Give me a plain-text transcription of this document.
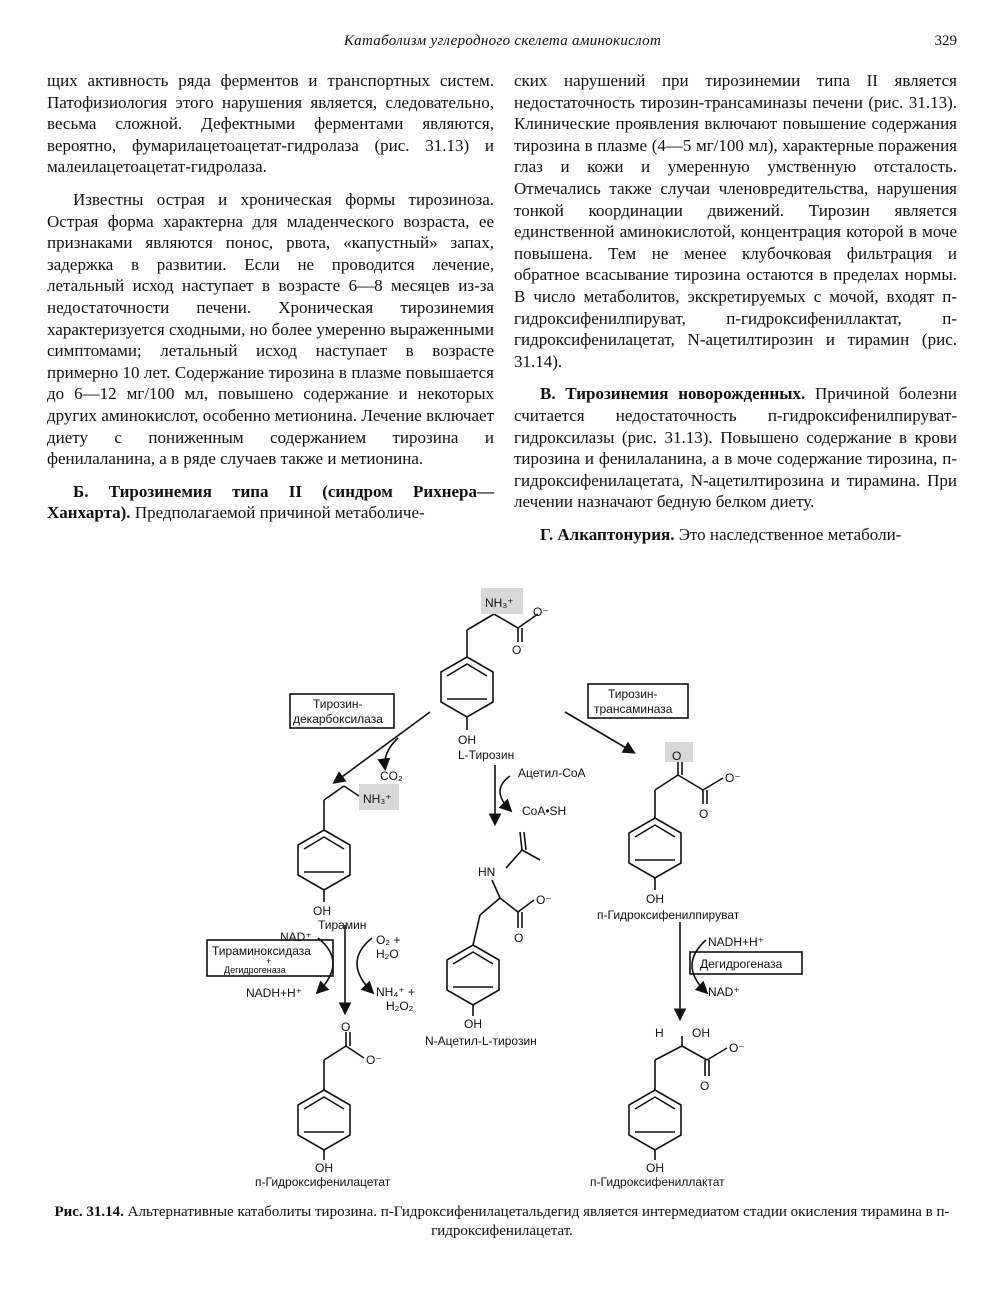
Катаболизм углеродного скелета аминокислот	329

щих активность ряда ферментов и транспортных систем. Патофизиология этого нарушения является, следовательно, весьма сложной. Дефектными ферментами являются, вероятно, фумарилацетоацетат-гидролаза (рис. 31.13) и малеилацетоацетат-гидролаза.

Известны острая и хроническая формы тирозиноза. Острая форма характерна для младенческого возраста, ее признаками являются понос, рвота, «капустный» запах, задержка в развитии. Если не проводится лечение, летальный исход наступает в возрасте 6—8 месяцев из-за недостаточности печени. Хроническая тирозинемия характеризуется сходными, но более умеренно выраженными симптомами; летальный исход наступает в возрасте примерно 10 лет. Содержание тирозина в плазме повышается до 6—12 мг/100 мл, повышено содержание и некоторых других аминокислот, особенно метионина. Лечение включает диету с пониженным содержанием тирозина и фенилаланина, а в ряде случаев также и метионина.

Б. Тирозинемия типа II (синдром Рихнера—Ханхарта). Предполагаемой причиной метаболиче-

ских нарушений при тирозинемии типа II является недостаточность тирозин-трансаминазы печени (рис. 31.13). Клинические проявления включают повышение содержания тирозина в плазме (4—5 мг/100 мл), характерные поражения глаз и кожи и умеренную умственную отсталость. Отмечались также случаи членовредительства, нарушения тонкой координации движений. Тирозин является единственной аминокислотой, концентрация которой в моче повышена. Тем не менее клубочковая фильтрация и обратное всасывание тирозина остаются в пределах нормы. В число метаболитов, экскретируемых с мочой, входят п-гидроксифенилпируват, п-гидроксифениллактат, п-гидроксифенилацетат, N-ацетилтирозин и тирамин (рис. 31.14).

В. Тирозинемия новорожденных. Причиной болезни считается недостаточность п-гидроксифенилпируват-гидроксилазы (рис. 31.13). Повышено содержание в крови тирозина и фенилаланина, а в моче содержание тирозина, п-гидроксифенилацетата, N-ацетилтирозина и тирамина. При лечении назначают бедную белком диету.

Г. Алкаптонурия. Это наследственное метаболи-

NH₃⁺
O⁻
O
OH
L-Тирозин
NH₃⁺
OH
Тирамин
HN
O⁻
O
OH
N-Ацетил-L-тирозин
O
O⁻
O
OH
п-Гидроксифенилпируват
O
O⁻
OH
п-Гидроксифенилацетат
H OH
O⁻
O
OH
п-Гидроксифениллактат
Тирозин-
декарбоксилаза
Тирозин-
трансаминаза
Тираминоксидаза
+
Дегидрогеназа	Дегидрогеназа
CO₂	Ацетил-CoA
CoA•SH
NAD⁺
NADH+H⁺
O₂ +
H₂O
NH₄⁺ +
H₂O₂
NADH+H⁺
NAD⁺
Рис. 31.14. Альтернативные катаболиты тирозина. п-Гидроксифенилацетальдегид является интермедиатом стадии окисления тирамина в п-гидроксифенилацетат.
